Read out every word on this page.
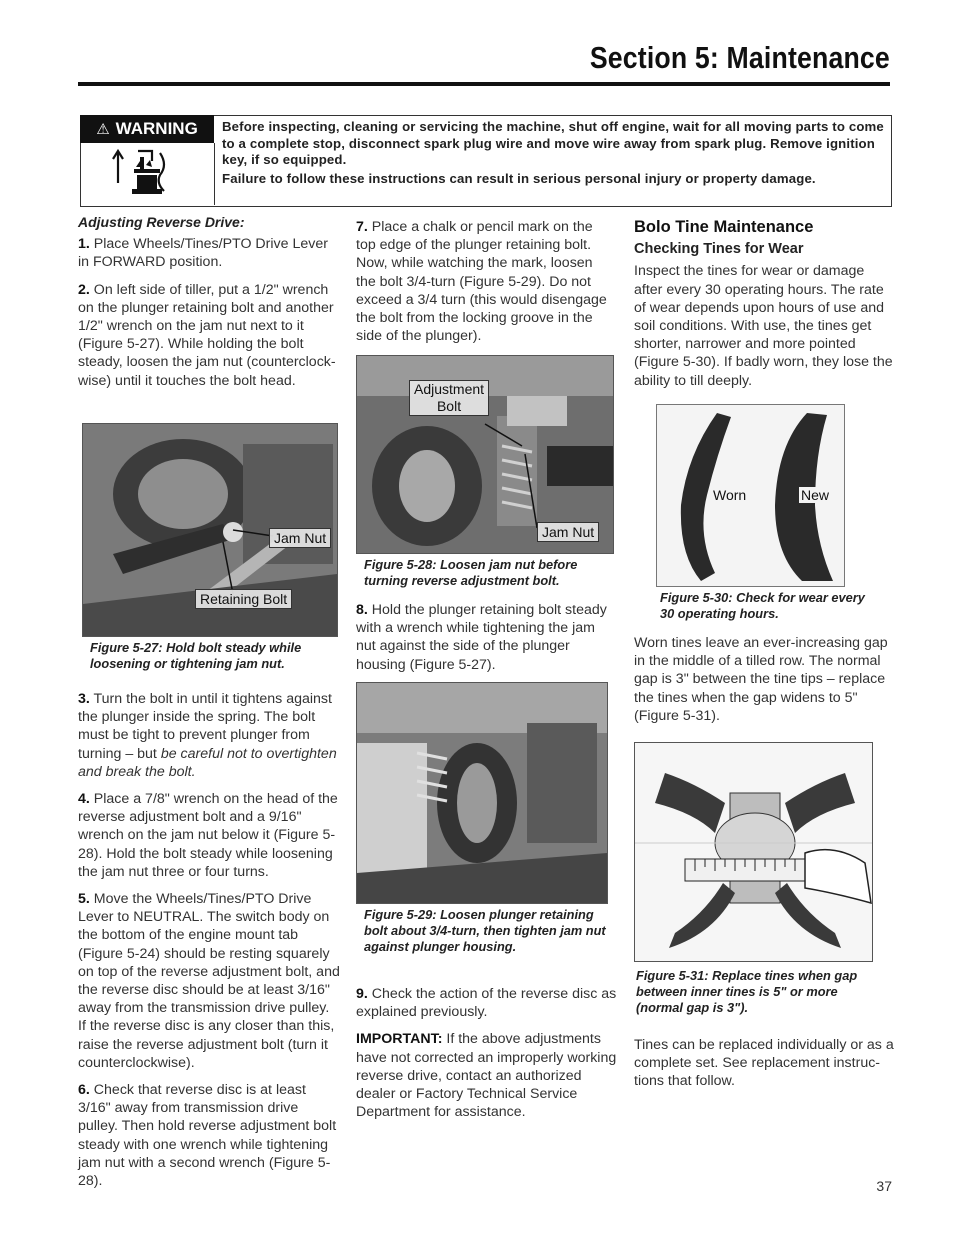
Section 5: Maintenance
⚠ WARNING Before inspecting, cleaning or servicing the machine, shut off engine, wait for all moving parts to come to a complete stop, disconnect spark plug wire and move wire away from spark plug. Remove ignition key, if so equipped.

Failure to follow these instructions can result in serious personal injury or property damage.

Adjusting Reverse Drive:

1. Place Wheels/Tines/PTO Drive Lever in FORWARD position.

2. On left side of tiller, put a 1/2" wrench on the plunger retaining bolt and another 1/2" wrench on the jam nut next to it (Figure 5-27). While holding the bolt steady, loosen the jam nut (counterclock-wise) until it touches the bolt head.

Jam Nut
Retaining Bolt
Figure 5-27: Hold bolt steady while loosening or tightening jam nut.

3. Turn the bolt in until it tightens against the plunger inside the spring. The bolt must be tight to prevent plunger from turning – but be careful not to overtighten and break the bolt.

4. Place a 7/8" wrench on the head of the reverse adjustment bolt and a 9/16" wrench on the jam nut below it (Figure 5-28). Hold the bolt steady while loosening the jam nut three or four turns.

5. Move the Wheels/Tines/PTO Drive Lever to NEUTRAL. The switch body on the bottom of the engine mount tab (Figure 5-24) should be resting squarely on top of the reverse adjustment bolt, and the reverse disc should be at least 3/16" away from the transmission drive pulley. If the reverse disc is any closer than this, raise the reverse adjustment bolt (turn it counterclockwise).

6. Check that reverse disc is at least 3/16" away from transmission drive pulley. Then hold reverse adjustment bolt steady with one wrench while tightening jam nut with a second wrench (Figure 5-28).

7. Place a chalk or pencil mark on the top edge of the plunger retaining bolt. Now, while watching the mark, loosen the bolt 3/4-turn (Figure 5-29). Do not exceed a 3/4 turn (this would disengage the bolt from the locking groove in the side of the plunger).

Adjustment
Bolt
Jam Nut
Figure 5-28: Loosen jam nut before turning reverse adjustment bolt.

8. Hold the plunger retaining bolt steady with a wrench while tightening the jam nut against the side of the plunger housing (Figure 5-27).

Figure 5-29: Loosen plunger retaining bolt about 3/4-turn, then tighten jam nut against plunger housing.

9. Check the action of the reverse disc as explained previously.

IMPORTANT: If the above adjustments have not corrected an improperly working reverse drive, contact an authorized dealer or Factory Technical Service Department for assistance.

Bolo Tine Maintenance
Checking Tines for Wear

Inspect the tines for wear or damage after every 30 operating hours. The rate of wear depends upon hours of use and soil conditions. With use, the tines get shorter, narrower and more pointed (Figure 5-30). If badly worn, they lose the ability to till deeply.

Worn	New
Figure 5-30: Check for wear every 30 operating hours.

Worn tines leave an ever-increasing gap in the middle of a tilled row. The normal gap is 3" between the tine tips – replace the tines when the gap widens to 5" (Figure 5-31).

Figure 5-31: Replace tines when gap between inner tines is 5" or more (normal gap is 3").

Tines can be replaced individually or as a complete set. See replacement instruc-tions that follow.

37
